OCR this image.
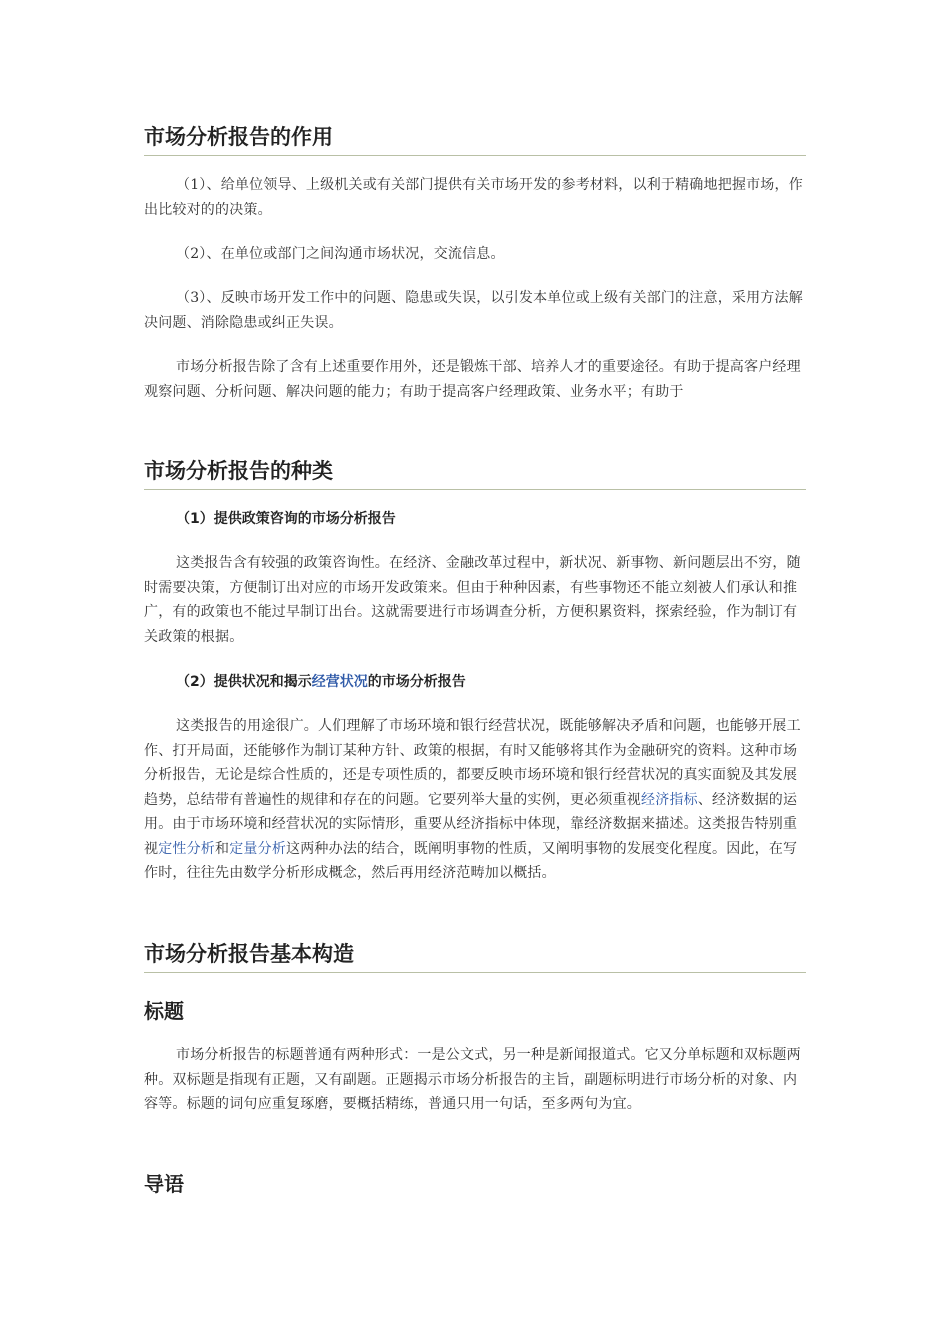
市场分析报告的作用

（1）、给单位领导、上级机关或有关部门提供有关市场开发的参考材料，以利于精确地把握市场，作出比较对的的决策。

（2）、在单位或部门之间沟通市场状况，交流信息。

（3）、反映市场开发工作中的问题、隐患或失误，以引发本单位或上级有关部门的注意，采用方法解决问题、消除隐患或纠正失误。

市场分析报告除了含有上述重要作用外，还是锻炼干部、培养人才的重要途径。有助于提高客户经理观察问题、分析问题、解决问题的能力；有助于提高客户经理政策、业务水平；有助于

市场分析报告的种类

（1）提供政策咨询的市场分析报告

这类报告含有较强的政策咨询性。在经济、金融改革过程中，新状况、新事物、新问题层出不穷，随时需要决策，方便制订出对应的市场开发政策来。但由于种种因素，有些事物还不能立刻被人们承认和推广，有的政策也不能过早制订出台。这就需要进行市场调查分析，方便积累资料，探索经验，作为制订有关政策的根据。

（2）提供状况和揭示经营状况的市场分析报告

这类报告的用途很广。人们理解了市场环境和银行经营状况，既能够解决矛盾和问题，也能够开展工作、打开局面，还能够作为制订某种方针、政策的根据，有时又能够将其作为金融研究的资料。这种市场分析报告，无论是综合性质的，还是专项性质的，都要反映市场环境和银行经营状况的真实面貌及其发展趋势，总结带有普遍性的规律和存在的问题。它要列举大量的实例，更必须重视经济指标、经济数据的运用。由于市场环境和经营状况的实际情形，重要从经济指标中体现，靠经济数据来描述。这类报告特别重视定性分析和定量分析这两种办法的结合，既阐明事物的性质，又阐明事物的发展变化程度。因此，在写作时，往往先由数学分析形成概念，然后再用经济范畴加以概括。

市场分析报告基本构造
标题

市场分析报告的标题普通有两种形式：一是公文式，另一种是新闻报道式。它又分单标题和双标题两种。双标题是指现有正题，又有副题。正题揭示市场分析报告的主旨，副题标明进行市场分析的对象、内容等。标题的词句应重复琢磨，要概括精练，普通只用一句话，至多两句为宜。

导语
